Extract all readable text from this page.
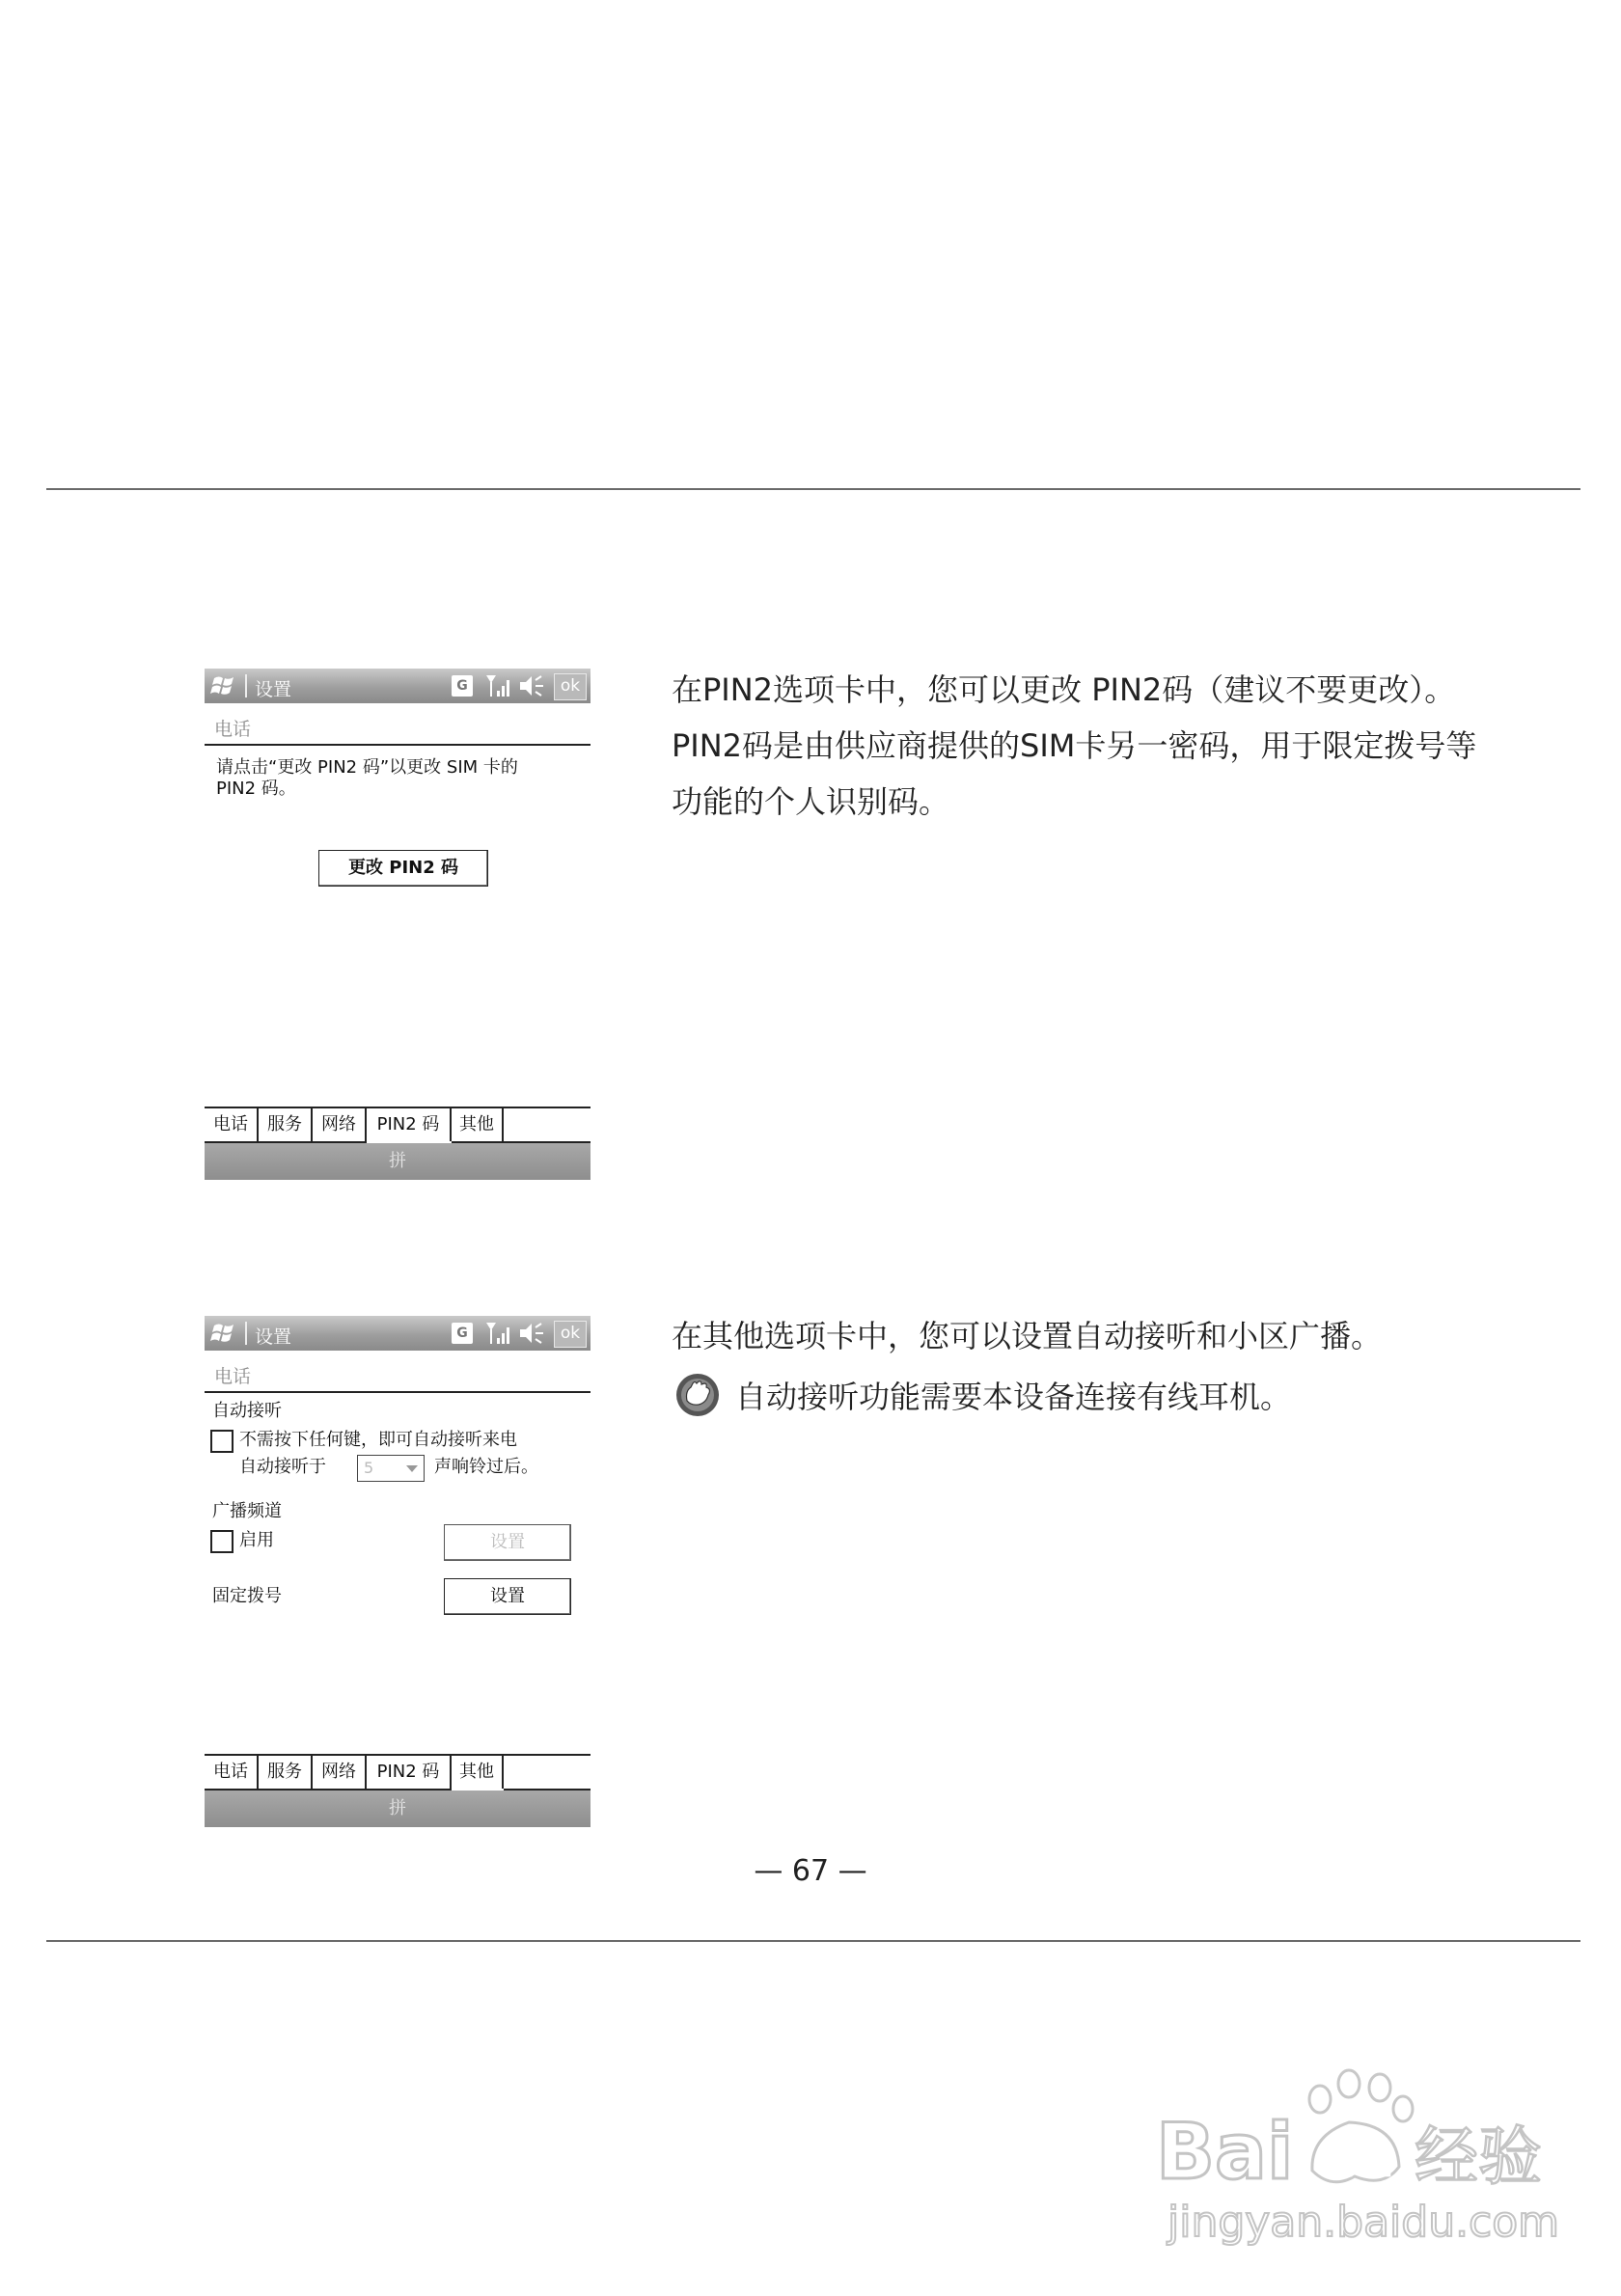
设置	G	ok
电话
请点击“更改 PIN2 码”以更改 SIM 卡的
PIN2 码。
更改 PIN2 码
电话	服务	网络	PIN2 码	其他
拼
在PIN2选项卡中，您可以更改 PIN2码（建议不要更改）。
PIN2码是由供应商提供的SIM卡另一密码，用于限定拨号等
功能的个人识别码。
设置	G	ok
电话
自动接听
不需按下任何键，即可自动接听来电
自动接听于 5	声响铃过后。
广播频道
启用	设置
固定拨号	设置
电话	服务	网络	PIN2 码	其他
拼
在其他选项卡中，您可以设置自动接听和小区广播。
自动接听功能需要本设备连接有线耳机。
— 67 —
Bai du 经验
jingyan.baidu.com
